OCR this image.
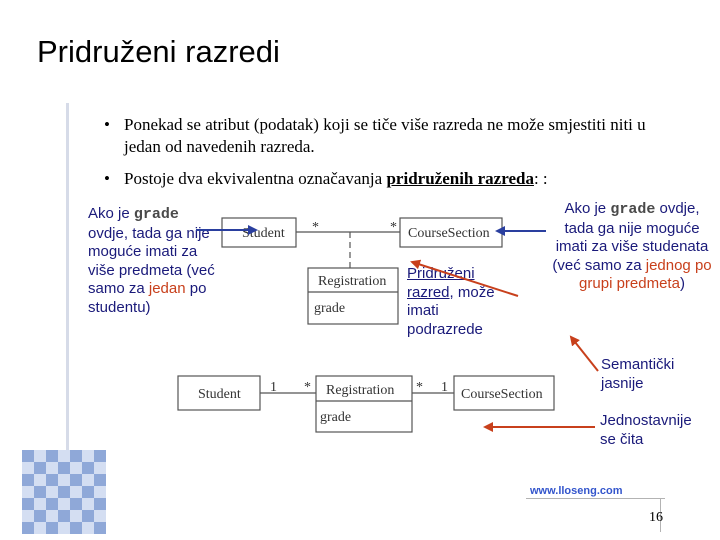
Pridruženi razredi
• Ponekad se atribut (podatak) koji se tiče više razreda ne može smjestiti niti u jedan od navedenih razreda.
• Postoje dva ekvivalentna označavanja pridruženih razreda: :
Ako je grade ovdje, tada ga nije moguće imati za više predmeta (već samo za jedan po studentu)
Pridruženi razred, može imati podrazrede
Ako je grade ovdje, tada ga nije moguće imati za više studenata (već samo za jednog po grupi predmeta)
Semantički
jasnije
Jednostavnije
se čita
Student *	* CourseSection
Registration
grade
Student 1 * Registration
grade
* 1 CourseSection
www.lloseng.com
16
